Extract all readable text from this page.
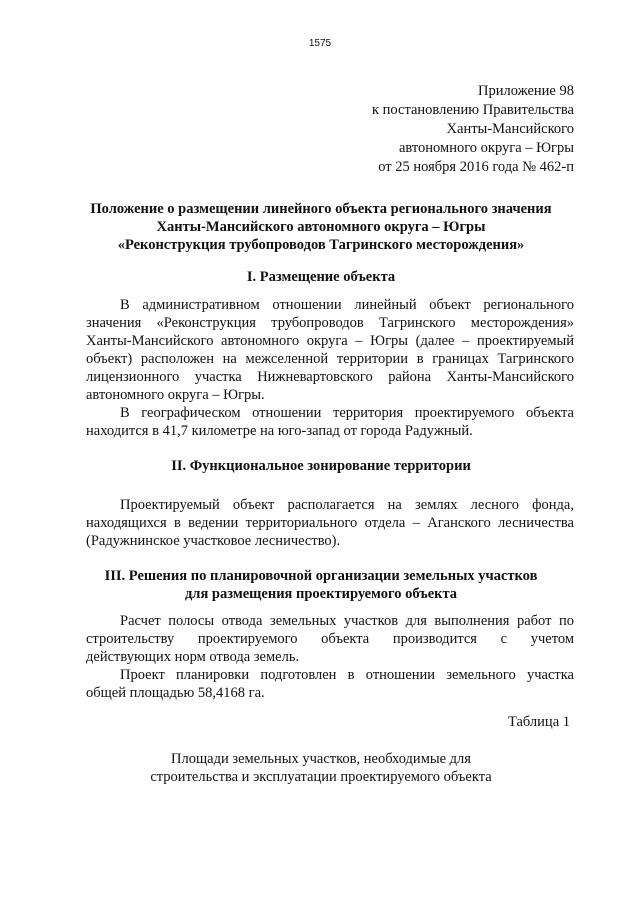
1575
Приложение 98
к постановлению Правительства
Ханты-Мансийского
автономного округа – Югры
от 25 ноября 2016 года № 462-п
Положение о размещении линейного объекта регионального значения
Ханты-Мансийского автономного округа – Югры
«Реконструкция трубопроводов Тагринского месторождения»
I. Размещение объекта
В административном отношении линейный объект регионального
значения «Реконструкция трубопроводов Тагринского месторождения»
Ханты-Мансийского автономного округа – Югры (далее – проектируемый
объект) расположен на межселенной территории в границах Тагринского
лицензионного участка Нижневартовского района Ханты-Мансийского
автономного округа – Югры.
В географическом отношении территория проектируемого объекта
находится в 41,7 километре на юго-запад от города Радужный.
II. Функциональное зонирование территории
Проектируемый объект располагается на землях лесного фонда,
находящихся в ведении территориального отдела – Аганского лесничества
(Радужнинское участковое лесничество).
III. Решения по планировочной организации земельных участков
для размещения проектируемого объекта
Расчет полосы отвода земельных участков для выполнения работ по
строительству проектируемого объекта производится с учетом
действующих норм отвода земель.
Проект планировки подготовлен в отношении земельного участка
общей площадью 58,4168 га.
Таблица 1
Площади земельных участков, необходимые для
строительства и эксплуатации проектируемого объекта
